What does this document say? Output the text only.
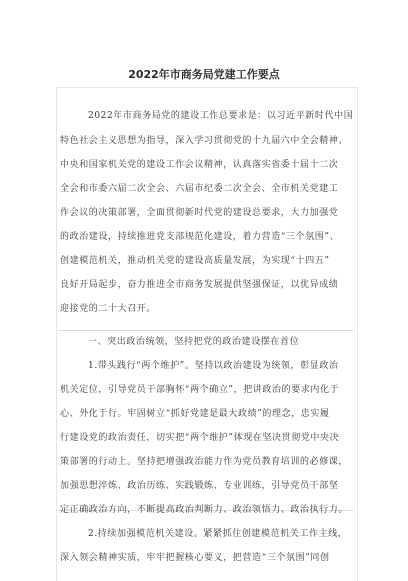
2022年市商务局党建工作要点
2022年市商务局党的建设工作总要求是：以习近平新时代中国
特色社会主义思想为指导，深入学习贯彻党的十九届六中全会精神、
中央和国家机关党的建设工作会议精神，认真落实省委十届十二次
全会和市委六届二次全会、六届市纪委二次全会、全市机关党建工
作会议的决策部署，全面贯彻新时代党的建设总要求，大力加强党
的政治建设，持续推进党支部规范化建设，着力营造“三个氛围”、
创建模范机关，推动机关党的建设高质量发展，为实现“十四五”
良好开局起步，奋力推进全市商务发展提供坚强保证，以优异成绩
迎接党的二十大召开。
一、突出政治统领，坚持把党的政治建设摆在首位
1.带头践行“两个维护”。坚持以政治建设为统领，彰显政治
机关定位，引导党员干部胸怀“两个确立”，把讲政治的要求内化于
心、外化于行。牢固树立“抓好党建是最大政绩”的理念，忠实履
行建设党的政治责任，切实把“两个维护”体现在坚决贯彻党中央决
策部署的行动上。坚持把增强政治能力作为党员教育培训的必修课，
加强思想淬炼、政治历练、实践锻炼、专业训练，引导党员干部坚
定正确政治方向，不断提高政治判断力、政治领悟力、政治执行力。
2.持续加强模范机关建设。紧紧抓住创建模范机关工作主线，
深入领会精神实质，牢牢把握核心要义，把营造“三个氛围”同创
